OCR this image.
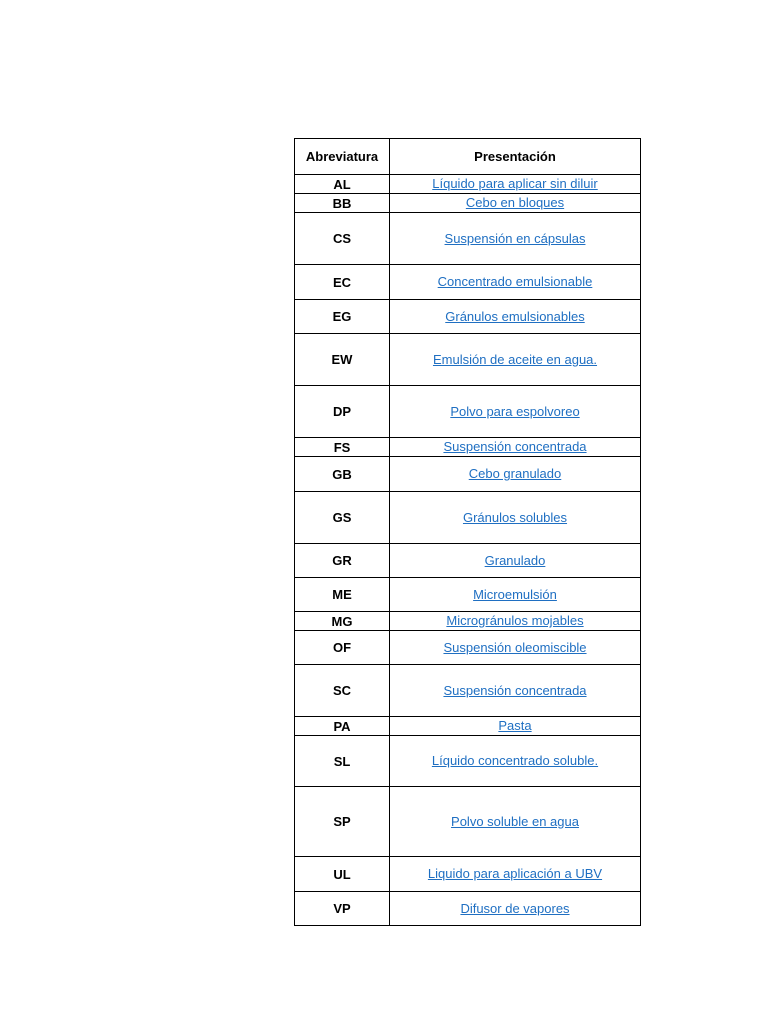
Abreviatura	Presentación
AL	Líquido para aplicar sin diluir
BB	Cebo en bloques
CS	Suspensión en cápsulas
EC	Concentrado emulsionable
EG	Gránulos emulsionables
EW	Emulsión de aceite en agua.
DP	Polvo para espolvoreo
FS	Suspensión concentrada
GB	Cebo granulado
GS	Gránulos solubles
GR	Granulado
ME	Microemulsión
MG	Microgránulos mojables
OF	Suspensión oleomiscible
SC	Suspensión concentrada
PA	Pasta
SL	Líquido concentrado soluble.
SP	Polvo soluble en agua
UL	Liquido para aplicación a UBV
VP	Difusor de vapores
